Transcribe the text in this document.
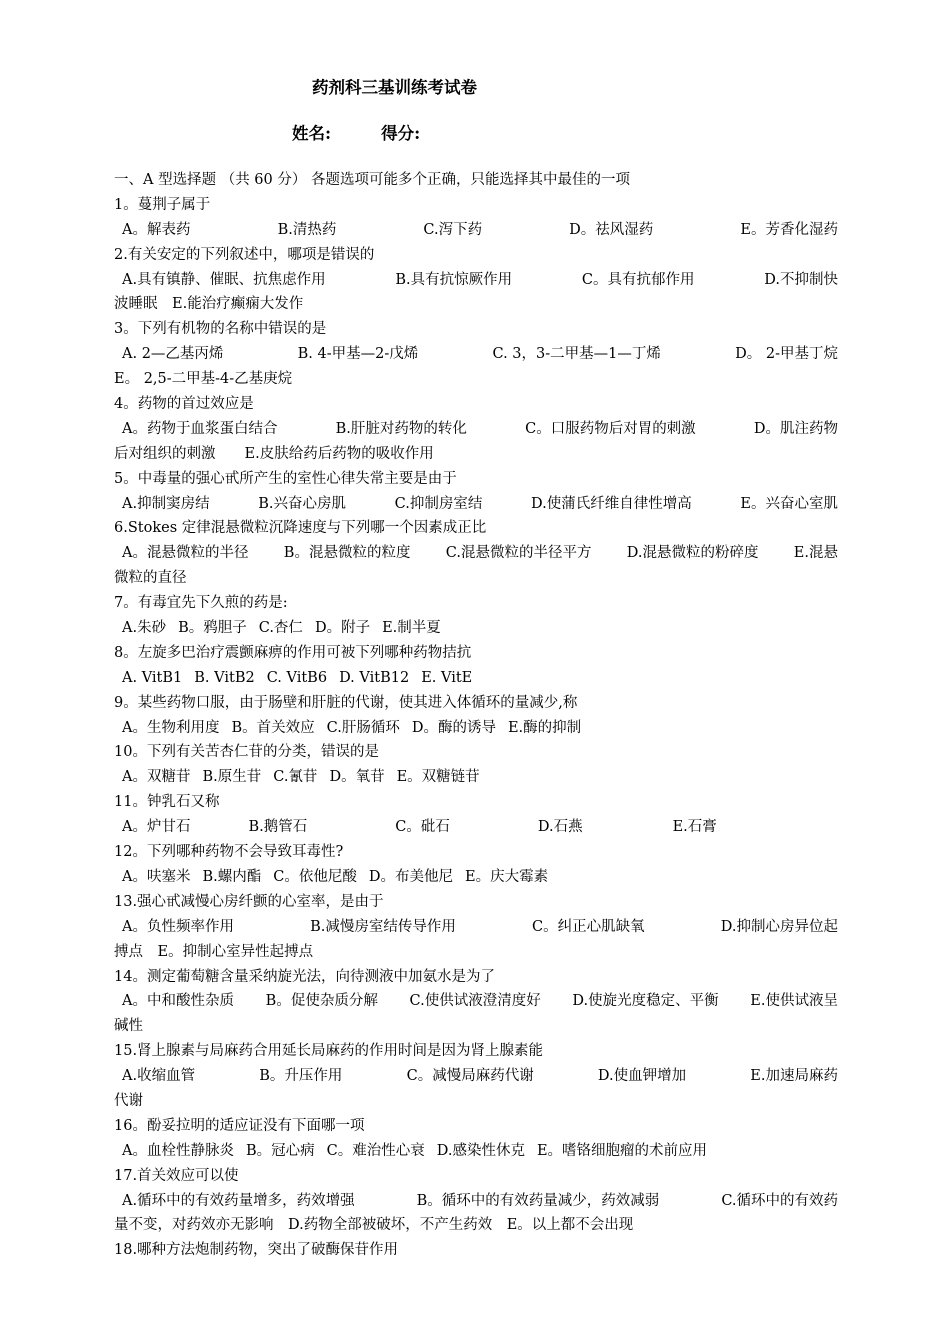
药剂科三基训练考试卷
姓名:	得分:
一、A 型选择题 （共 60 分） 各题选项可能多个正确，只能选择其中最佳的一项
1。蔓荆子属于
A。解表药	B.清热药	C.泻下药	D。祛风湿药	E。芳香化湿药
2.有关安定的下列叙述中，哪项是错误的
A.具有镇静、催眠、抗焦虑作用	B.具有抗惊厥作用	C。具有抗郁作用	D.不抑制快
波睡眠　E.能治疗癫痫大发作
3。下列有机物的名称中错误的是
A. 2—乙基丙烯	B. 4-甲基—2-戊烯	C. 3，3-二甲基—1—丁烯	D。 2-甲基丁烷
E。 2,5-二甲基-4-乙基庚烷
4。药物的首过效应是
A。药物于血浆蛋白结合	B.肝脏对药物的转化	C。口服药物后对胃的刺激	D。肌注药物
后对组织的刺激　　E.皮肤给药后药物的吸收作用
5。中毒量的强心甙所产生的室性心律失常主要是由于
A.抑制窦房结	B.兴奋心房肌	C.抑制房室结	D.使蒲氏纤维自律性增高	E。兴奋心室肌
6.Stokes 定律混悬微粒沉降速度与下列哪一个因素成正比
A。混悬微粒的半径 B。混悬微粒的粒度 C.混悬微粒的半径平方 D.混悬微粒的粉碎度 E.混悬
微粒的直径
7。有毒宜先下久煎的药是:
A.朱砂 B。鸦胆子 C.杏仁 D。附子 E.制半夏
8。左旋多巴治疗震颤麻痹的作用可被下列哪种药物拮抗
A. VitB1 B. VitB2 C. VitB6 D. VitB12 E. VitE
9。某些药物口服，由于肠壁和肝脏的代谢，使其进入体循环的量减少,称
A。生物利用度 B。首关效应 C.肝肠循环 D。酶的诱导 E.酶的抑制
10。下列有关苦杏仁苷的分类，错误的是
A。双糖苷 B.原生苷 C.氰苷 D。氧苷 E。双糖链苷
11。钟乳石又称
A。炉甘石	B.鹅管石	C。砒石	D.石燕	E.石膏
12。下列哪种药物不会导致耳毒性?
A。呋塞米 B.螺内酯 C。依他尼酸 D。布美他尼 E。庆大霉素
13.强心甙减慢心房纤颤的心室率，是由于
A。负性频率作用	B.减慢房室结传导作用	C。纠正心肌缺氧	D.抑制心房异位起
搏点　E。抑制心室异性起搏点
14。测定葡萄糖含量采纳旋光法，向待测液中加氨水是为了
A。中和酸性杂质 B。促使杂质分解 C.使供试液澄清度好 D.使旋光度稳定、平衡 E.使供试液呈
碱性
15.肾上腺素与局麻药合用延长局麻药的作用时间是因为肾上腺素能
A.收缩血管	B。升压作用	C。减慢局麻药代谢	D.使血钾增加	E.加速局麻药
代谢
16。酚妥拉明的适应证没有下面哪一项
A。血栓性静脉炎 B。冠心病 C。难治性心衰 D.感染性休克 E。嗜铬细胞瘤的术前应用
17.首关效应可以使
A.循环中的有效药量增多，药效增强	B。循环中的有效药量减少，药效减弱	C.循环中的有效药
量不变，对药效亦无影响　D.药物全部被破坏，不产生药效　E。以上都不会出现
18.哪种方法炮制药物，突出了破酶保苷作用
